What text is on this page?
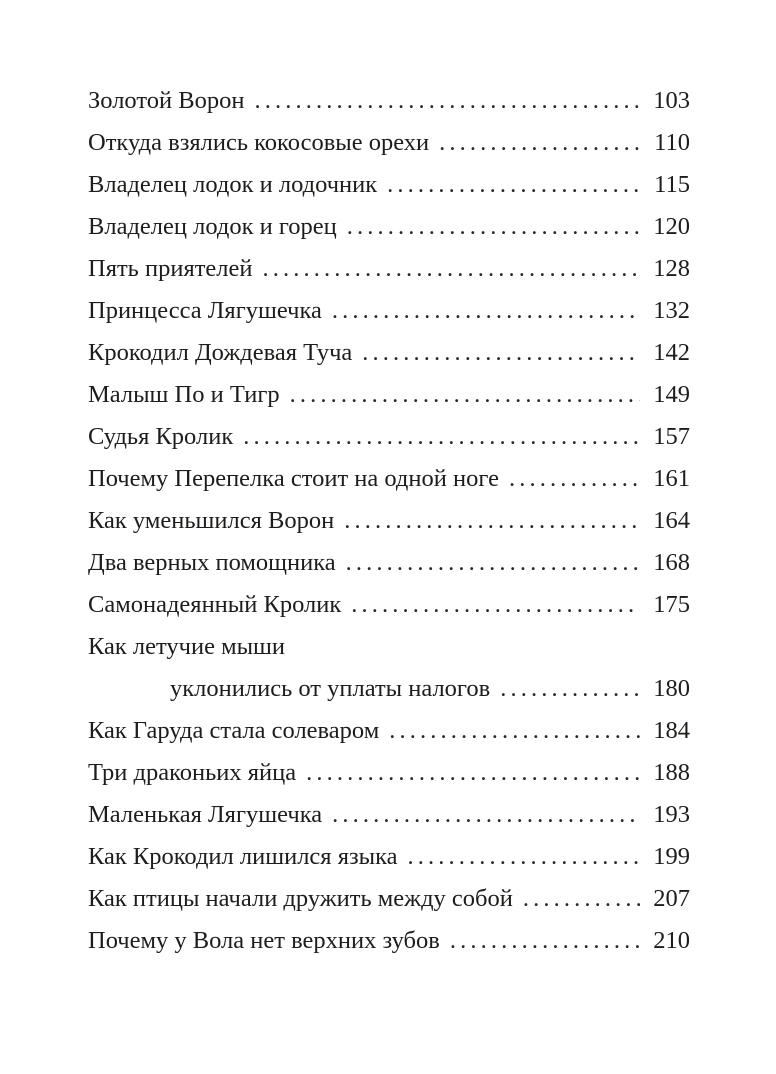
Золотой Ворон . . .	103
Откуда взялись кокосовые орехи . . .	110
Владелец лодок и лодочник . . .	115
Владелец лодок и горец . . .	120
Пять приятелей . . .	128
Принцесса Лягушечка . . .	132
Крокодил Дождевая Туча . . .	142
Малыш По и Тигр . . .	149
Судья Кролик . . .	157
Почему Перепелка стоит на одной ноге . . .	161
Как уменьшился Ворон . . .	164
Два верных помощника . . .	168
Самонадеянный Кролик . . .	175
Как летучие мыши
уклонились от уплаты налогов . . .	180
Как Гаруда стала солеваром . . .	184
Три драконьих яйца . . .	188
Маленькая Лягушечка . . .	193
Как Крокодил лишился языка . . .	199
Как птицы начали дружить между собой . . .	207
Почему у Вола нет верхних зубов . . .	210
